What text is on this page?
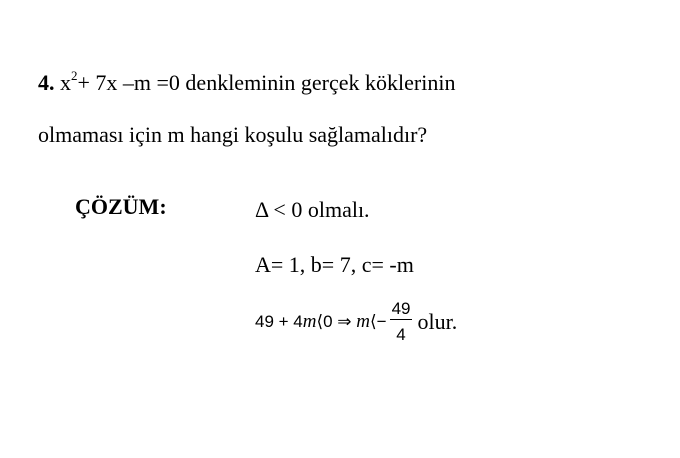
4. $x^2+ 7x$ –m =0 denkleminin gerçek köklerinin
olmaması için m hangi koşulu sağlamalıdır?
ÇÖZÜM:	Δ < 0 olmalı.
A= 1, b= 7, c= -m
49 + 4m⟨0 ⇒ m⟨− $\frac{49}{4}$ olur.
